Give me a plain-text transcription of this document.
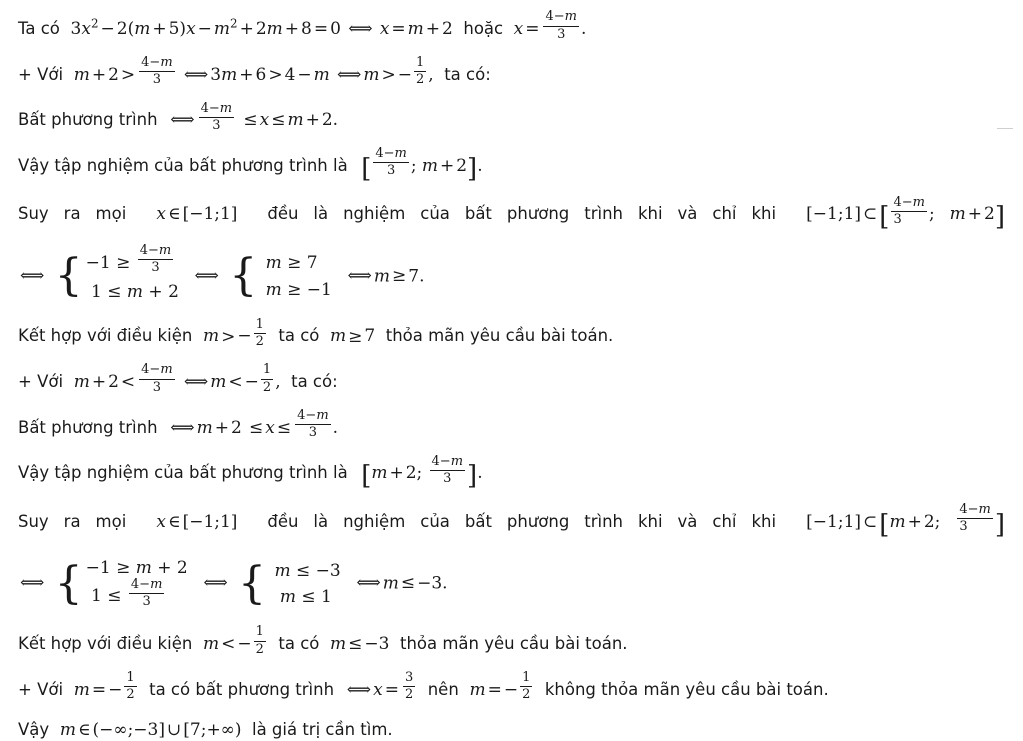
Ta có  $3x^2 - 2(m + 5)x - m^2 + 2m + 8 = 0$ ⟺ x = m + 2 hoặc $x = \frac{4-m}{3}$ .
+ Với  $m + 2 > \frac{4-m}{3}$ ⟺ 3m + 6 > 4 − m ⟺ m > − $\frac{1}{2}$ , ta có:
Bất phương trình  ⟺ $\frac{4-m}{3} \le x \le m + 2$.
Vậy tập nghiệm của bất phương trình là  [ $\frac{4-m}{3}$ ; m + 2].
Suy ra mọi  x ∈ [−1;1] đều là nghiệm của bất phương trình khi và chỉ khi  [−1;1] ⊂[ $\frac{4-m}{3}$ ; m + 2]
⟺ { $-1 \ge \frac{4-m}{3}$
1 ≤ m + 2
⟺ { m ≥ 7
m ≥ −1
⟺ m ≥ 7.
Kết hợp với điều kiện  m > − $\frac{1}{2}$ ta có  m ≥ 7 thỏa mãn yêu cầu bài toán.
+ Với  $m + 2 < \frac{4-m}{3}$ ⟺ m < − $\frac{1}{2}$ , ta có:
Bất phương trình  ⟺ $m + 2 \le x \le \frac{4-m}{3}$ .
Vậy tập nghiệm của bất phương trình là  [m + 2; $\frac{4-m}{3}$ ].
Suy ra mọi  x ∈ [−1;1] đều là nghiệm của bất phương trình khi và chỉ khi  [−1;1] ⊂[m + 2; $\frac{4-m}{3}$ ]
⟺ { −1 ≥ m + 2
$1 \le \frac{4-m}{3}$ ⟺ { m ≤ −3
m ≤ 1
⟺ m ≤ −3.
Kết hợp với điều kiện  m < − $\frac{1}{2}$ ta có  m ≤ −3 thỏa mãn yêu cầu bài toán.
+ Với  m = − $\frac{1}{2}$ ta có bất phương trình  ⟺ $x = \frac{3}{2}$ nên  m = − $\frac{1}{2}$ không thỏa mãn yêu cầu bài toán.
Vậy  m ∈ (−∞;−3] ∪ [7;+∞) là giá trị cần tìm.
